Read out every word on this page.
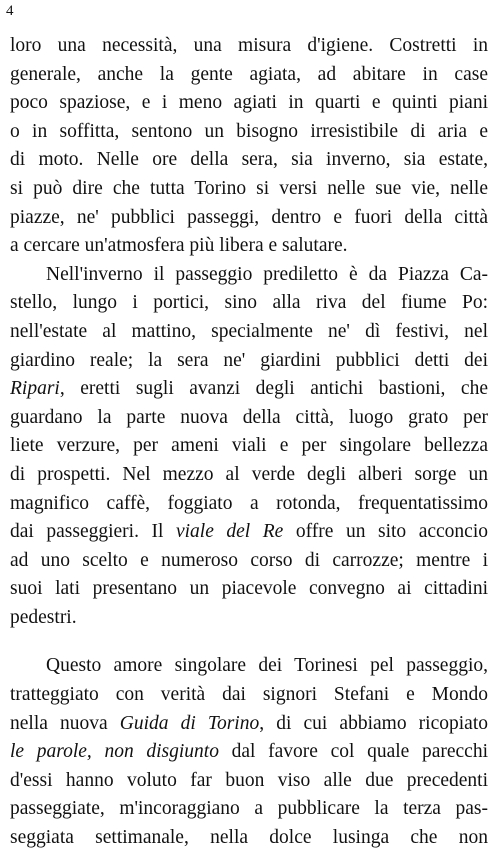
4
loro una necessità, una misura d'igiene. Costretti in
generale, anche la gente agiata, ad abitare in case
poco spaziose, e i meno agiati in quarti e quinti piani
o in soffitta, sentono un bisogno irresistibile di aria e
di moto. Nelle ore della sera, sia inverno, sia estate,
si può dire che tutta Torino si versi nelle sue vie, nelle
piazze, ne' pubblici passeggi, dentro e fuori della città
a cercare un'atmosfera più libera e salutare.
Nell'inverno il passeggio prediletto è da Piazza Ca-
stello, lungo i portici, sino alla riva del fiume Po:
nell'estate al mattino, specialmente ne' dì festivi, nel
giardino reale; la sera ne' giardini pubblici detti dei
Ripari, eretti sugli avanzi degli antichi bastioni, che
guardano la parte nuova della città, luogo grato per
liete verzure, per ameni viali e per singolare bellezza
di prospetti. Nel mezzo al verde degli alberi sorge un
magnifico caffè, foggiato a rotonda, frequentatissimo
dai passeggieri. Il viale del Re offre un sito acconcio
ad uno scelto e numeroso corso di carrozze; mentre i
suoi lati presentano un piacevole convegno ai cittadini
pedestri.
Questo amore singolare dei Torinesi pel passeggio,
tratteggiato con verità dai signori Stefani e Mondo
nella nuova Guida di Torino, di cui abbiamo ricopiato
le parole, non disgiunto dal favore col quale parecchi
d'essi hanno voluto far buon viso alle due precedenti
passeggiate, m'incoraggiano a pubblicare la terza pas-
seggiata settimanale, nella dolce lusinga che non
